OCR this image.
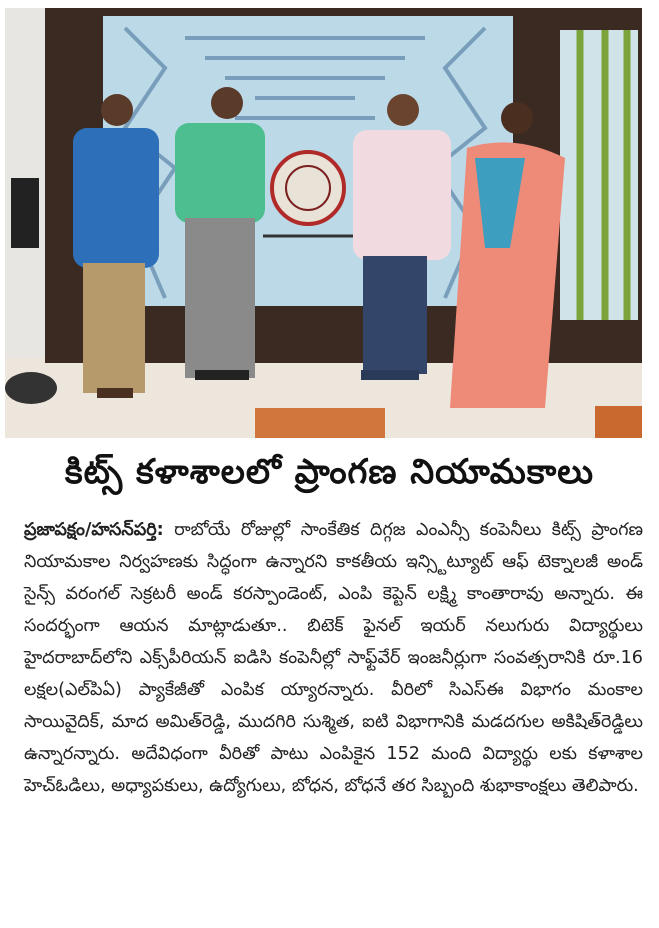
కిట్స్ కళాశాలలో ప్రాంగణ నియామకాలు
ప్రజాపక్షం/హసన్‌పర్తి: రాబోయే రోజుల్లో సాంకేతిక దిగ్గజ ఎంఎన్సీ కంపెనీలు కిట్స్ ప్రాంగణ నియామకాల నిర్వహణకు సిద్ధంగా ఉన్నారని కాకతీయ ఇన్స్టిట్యూట్ ఆఫ్ టెక్నాలజీ అండ్ సైన్స్ వరంగల్ సెక్రటరీ అండ్ కరస్పాండెంట్, ఎంపి కెప్టెన్ లక్ష్మి కాంతారావు అన్నారు. ఈ సందర్భంగా ఆయన మాట్లాడుతూ.. బిటెక్ ఫైనల్ ఇయర్ నలుగురు విద్యార్థులు హైదరాబాద్‌లోని ఎక్స్‌పీరియన్ ఐడిసి కంపెనీల్లో సాఫ్ట్‌వేర్ ఇంజనీర్లుగా సంవత్సరానికి రూ.16 లక్షల(ఎల్‌పిఏ) ప్యాకేజీతో ఎంపిక య్యారన్నారు. వీరిలో సిఎస్ఈ విభాగం మంకాల సాయివైదిక్, మాద అమిత్‌రెడ్డి, ముదగిరి సుశ్మిత, ఐటి విభాగానికి మడదగుల అకిషిత్‌రెడ్డిలు ఉన్నారన్నారు. అదేవిధంగా వీరితో పాటు ఎంపికైన 152 మంది విద్యార్థు లకు కళాశాల హెచ్ఓడిలు, అధ్యాపకులు, ఉద్యోగులు, బోధన, బోధనే తర సిబ్బంది శుభాకాంక్షలు తెలిపారు.
